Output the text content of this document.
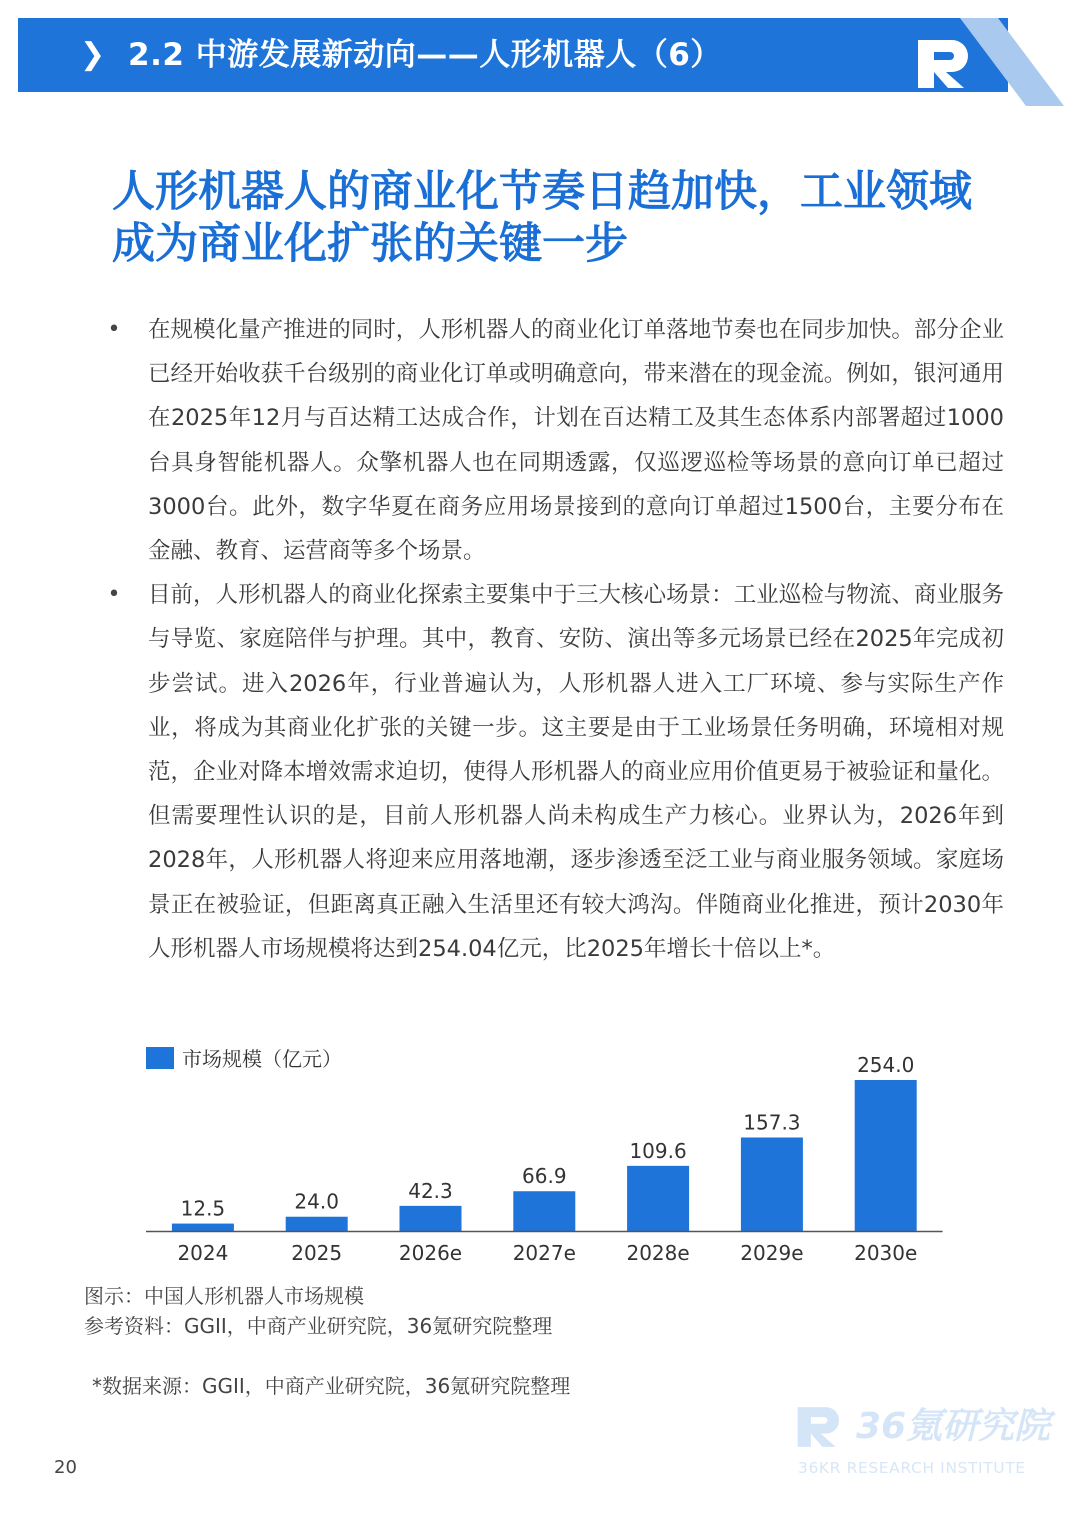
❯ 2.2 中游发展新动向——人形机器人（6）
人形机器人的商业化节奏日趋加快，工业领域
成为商业化扩张的关键一步
• 在规模化量产推进的同时，人形机器人的商业化订单落地节奏也在同步加快。部分企业已经开始收获千台级别的商业化订单或明确意向，带来潜在的现金流。例如，银河通用在2025年12月与百达精工达成合作，计划在百达精工及其生态体系内部署超过1000台具身智能机器人。众擎机器人也在同期透露，仅巡逻巡检等场景的意向订单已超过3000台。此外，数字华夏在商务应用场景接到的意向订单超过1500台，主要分布在金融、教育、运营商等多个场景。
• 目前，人形机器人的商业化探索主要集中于三大核心场景：工业巡检与物流、商业服务与导览、家庭陪伴与护理。其中，教育、安防、演出等多元场景已经在2025年完成初步尝试。进入2026年，行业普遍认为，人形机器人进入工厂环境、参与实际生产作业，将成为其商业化扩张的关键一步。这主要是由于工业场景任务明确，环境相对规范，企业对降本增效需求迫切，使得人形机器人的商业应用价值更易于被验证和量化。但需要理性认识的是，目前人形机器人尚未构成生产力核心。业界认为，2026年到2028年，人形机器人将迎来应用落地潮，逐步渗透至泛工业与商业服务领域。家庭场景正在被验证，但距离真正融入生活里还有较大鸿沟。伴随商业化推进，预计2030年人形机器人市场规模将达到254.04亿元，比2025年增长十倍以上*。
市场规模（亿元）
12.5
2024
24.0
2025
42.3
2026e
66.9
2027e
109.6
2028e
157.3
2029e
254.0
2030e
图示：中国人形机器人市场规模
参考资料：GGII，中商产业研究院，36氪研究院整理
*数据来源：GGII，中商产业研究院，36氪研究院整理
20
36氪研究院
36KR RESEARCH INSTITUTE
